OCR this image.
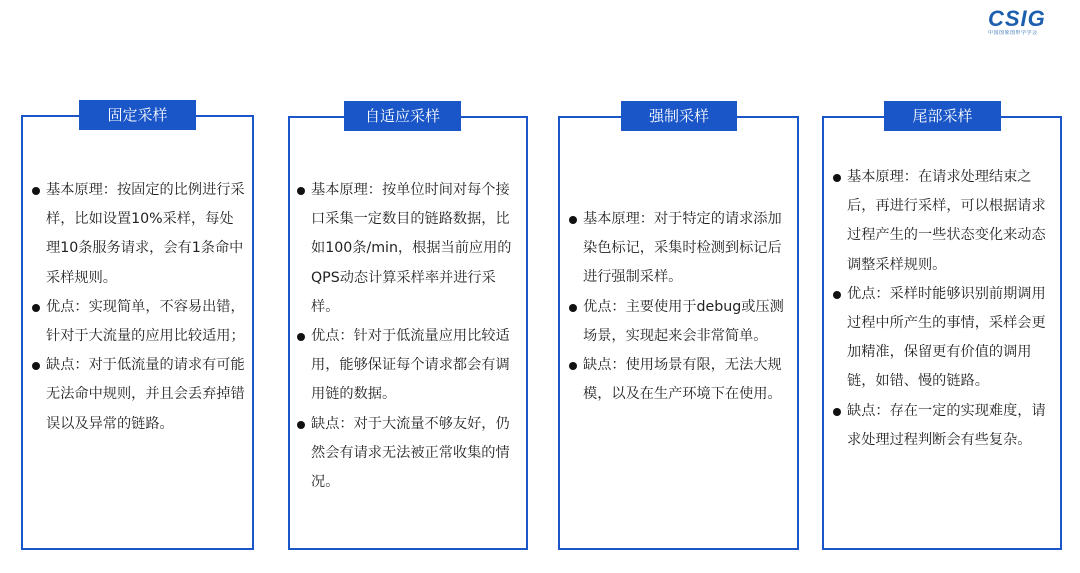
CSIG
中国图象图形学学会
固定采样
基本原理：按固定的比例进行采样，比如设置10%采样，每处理10条服务请求，会有1条命中采样规则。
优点：实现简单，不容易出错，针对于大流量的应用比较适用；
缺点：对于低流量的请求有可能无法命中规则，并且会丢弃掉错误以及异常的链路。
自适应采样
基本原理：按单位时间对每个接口采集一定数目的链路数据，比如100条/min，根据当前应用的QPS动态计算采样率并进行采样。
优点：针对于低流量应用比较适用，能够保证每个请求都会有调用链的数据。
缺点：对于大流量不够友好，仍然会有请求无法被正常收集的情况。
强制采样
基本原理：对于特定的请求添加染色标记，采集时检测到标记后进行强制采样。
优点：主要使用于debug或压测场景，实现起来会非常简单。
缺点：使用场景有限，无法大规模，以及在生产环境下在使用。
尾部采样
基本原理：在请求处理结束之后，再进行采样，可以根据请求过程产生的一些状态变化来动态调整采样规则。
优点：采样时能够识别前期调用过程中所产生的事情，采样会更加精准，保留更有价值的调用链，如错、慢的链路。
缺点：存在一定的实现难度，请求处理过程判断会有些复杂。
